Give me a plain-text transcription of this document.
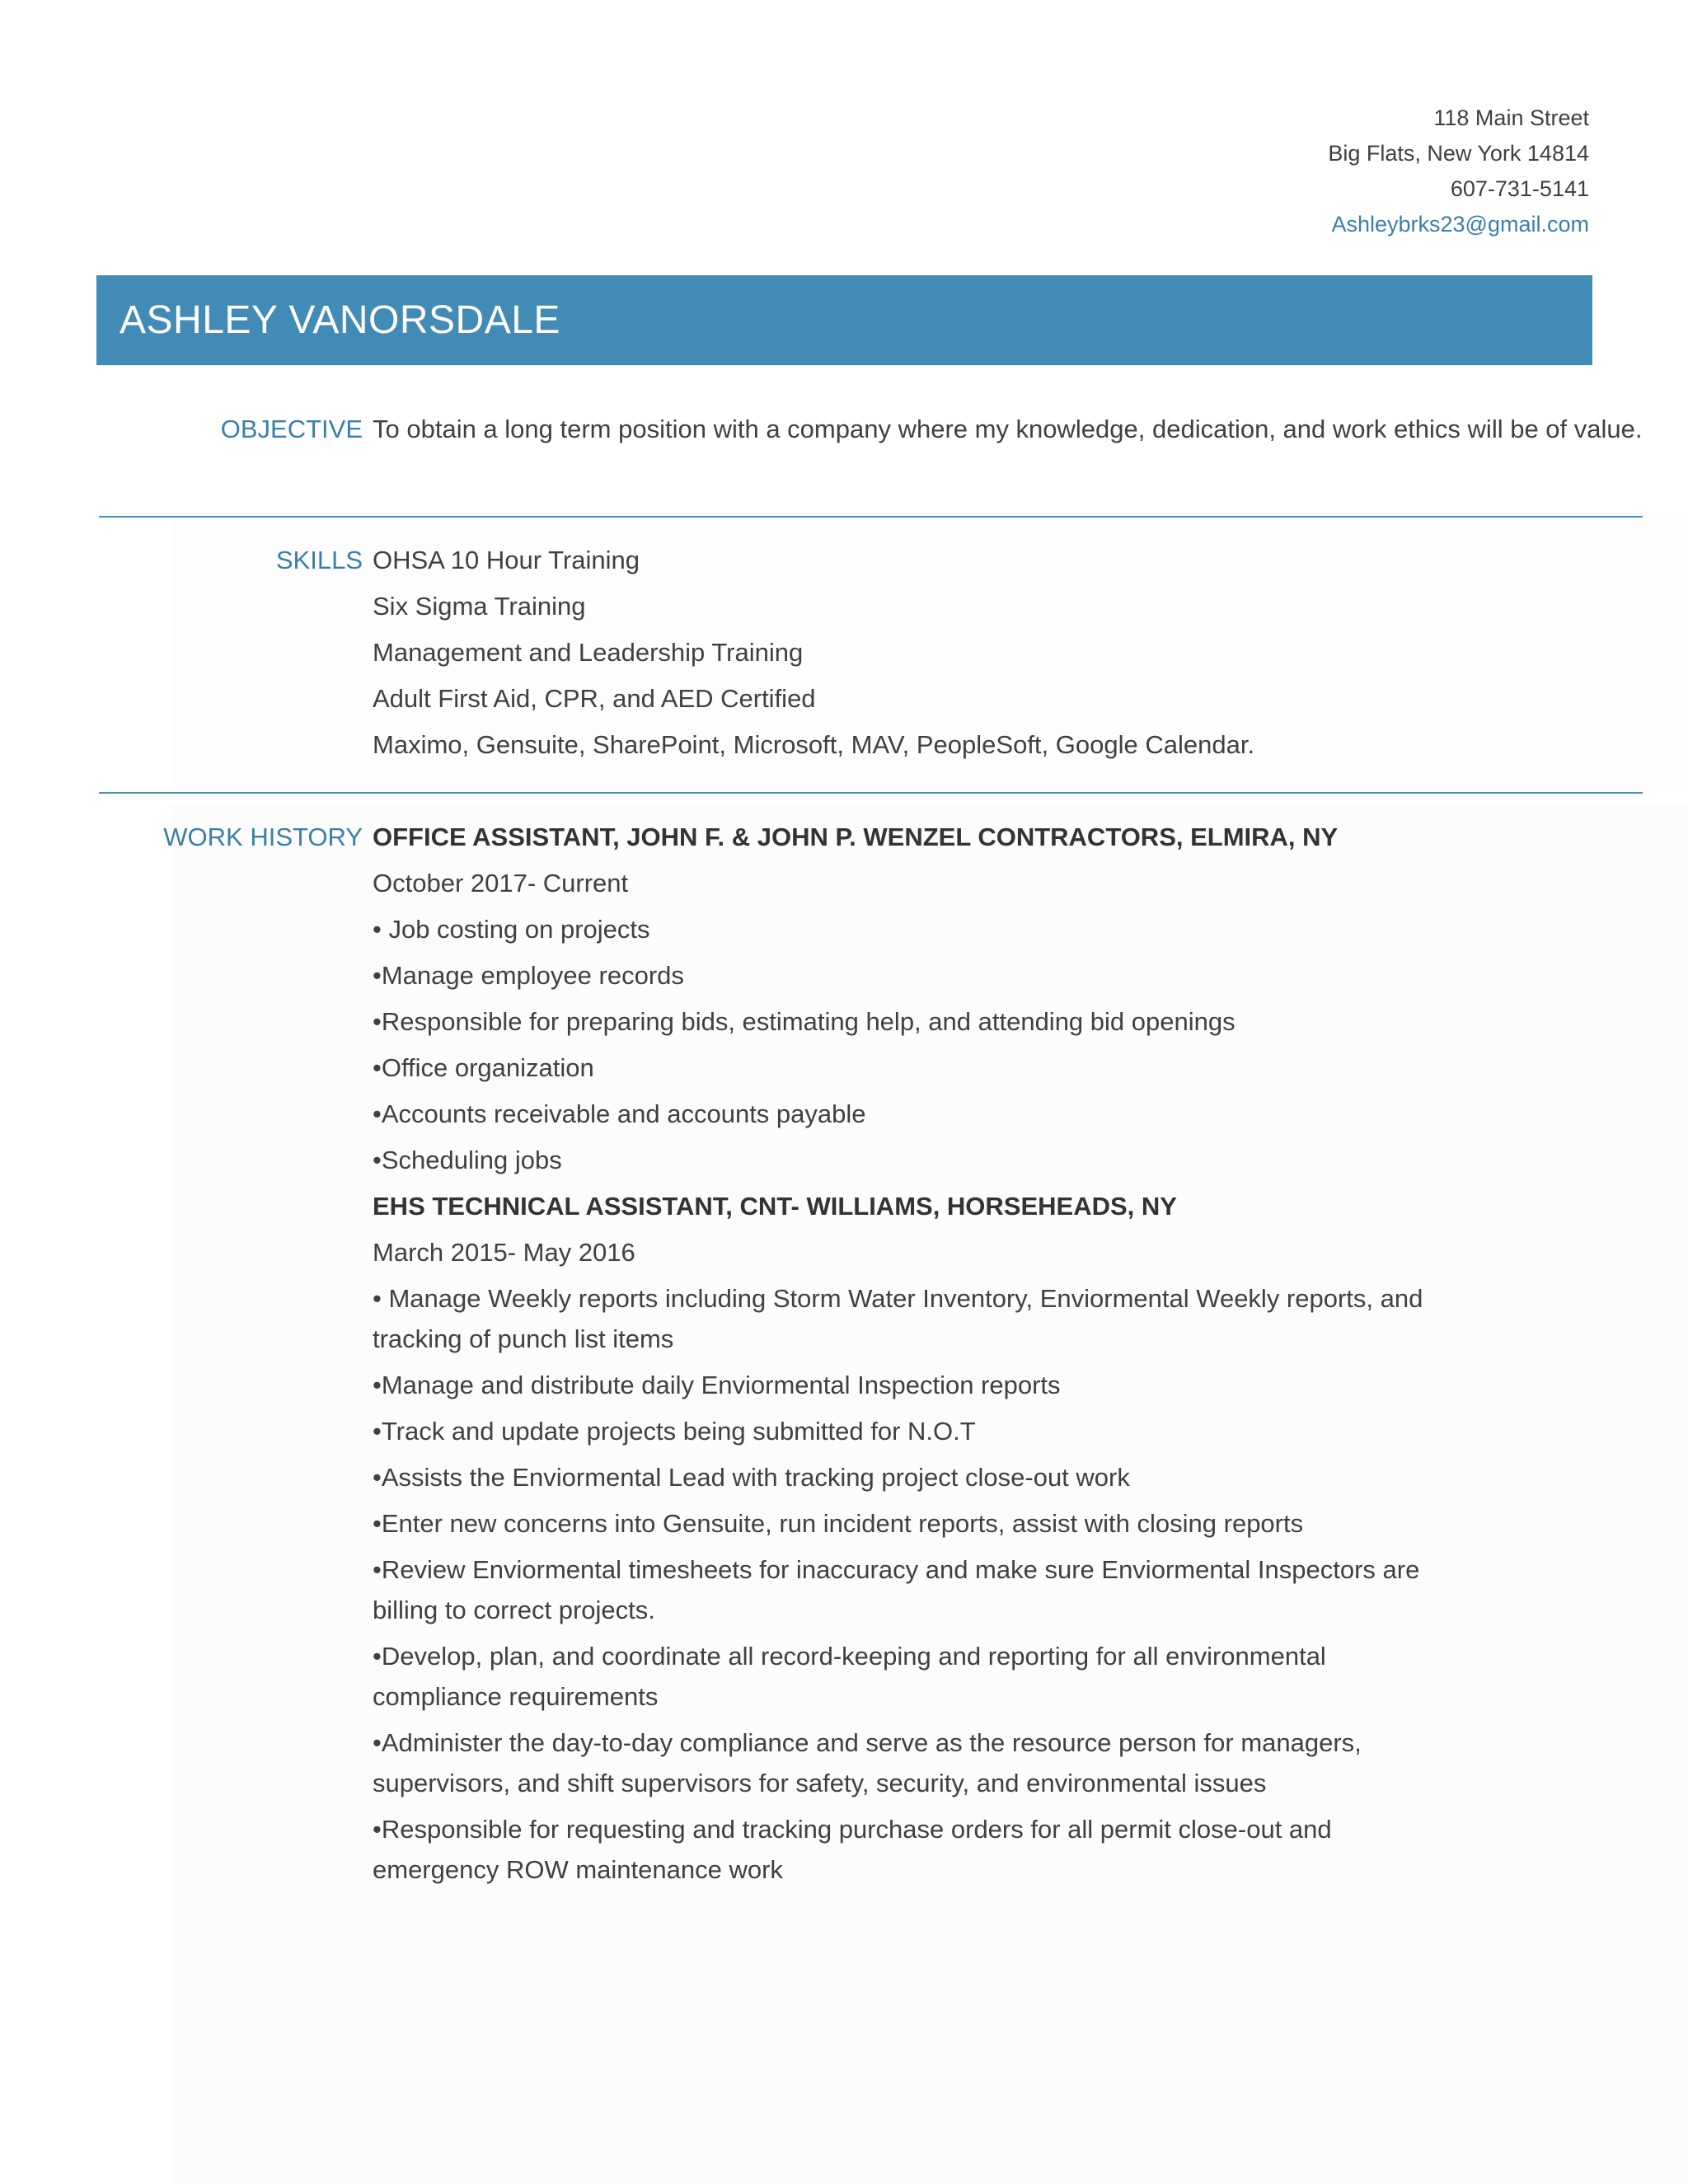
118 Main Street
Big Flats, New York 14814
607-731-5141
Ashleybrks23@gmail.com
ASHLEY VANORSDALE
OBJECTIVE To obtain a long term position with a company where my knowledge, dedication, and work ethics will be of value.
SKILLS OHSA 10 Hour Training
Six Sigma Training
Management and Leadership Training
Adult First Aid, CPR, and AED Certified
Maximo, Gensuite, SharePoint, Microsoft, MAV, PeopleSoft, Google Calendar.
WORK HISTORY OFFICE ASSISTANT, JOHN F. & JOHN P. WENZEL CONTRACTORS, ELMIRA, NY
October 2017- Current
• Job costing on projects
•Manage employee records
•Responsible for preparing bids, estimating help, and attending bid openings
•Office organization
•Accounts receivable and accounts payable
•Scheduling jobs
EHS TECHNICAL ASSISTANT, CNT- WILLIAMS, HORSEHEADS, NY
March 2015- May 2016
• Manage Weekly reports including Storm Water Inventory, Enviormental Weekly reports, and tracking of punch list items
•Manage and distribute daily Enviormental Inspection reports
•Track and update projects being submitted for N.O.T
•Assists the Enviormental Lead with tracking project close-out work
•Enter new concerns into Gensuite, run incident reports, assist with closing reports
•Review Enviormental timesheets for inaccuracy and make sure Enviormental Inspectors are billing to correct projects.
•Develop, plan, and coordinate all record-keeping and reporting for all environmental compliance requirements
•Administer the day-to-day compliance and serve as the resource person for managers, supervisors, and shift supervisors for safety, security, and environmental issues
•Responsible for requesting and tracking purchase orders for all permit close-out and emergency ROW maintenance work
